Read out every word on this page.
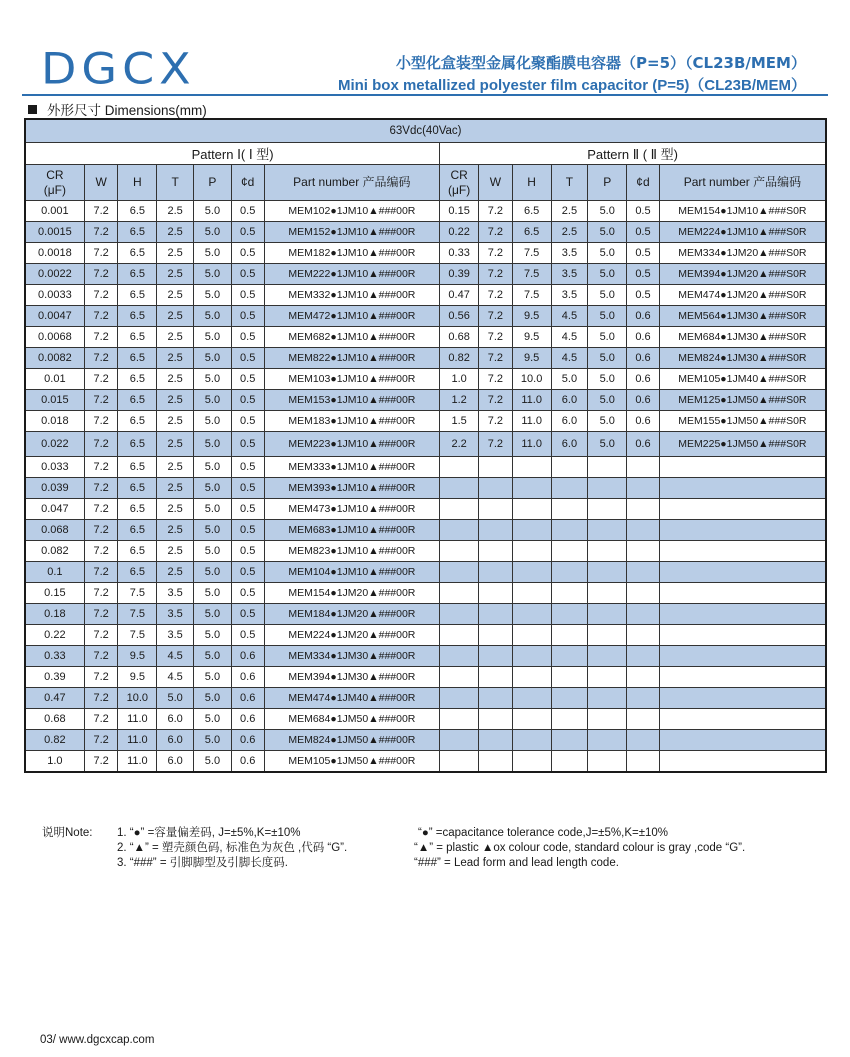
DGCX	小型化盒装型金属化聚酯膜电容器（P=5）（CL23B/MEM）
Mini box metallized polyester film capacitor (P=5)（CL23B/MEM）
外形尺寸 Dimensions(mm)
63Vdc(40Vac)													
Pattern Ⅰ( Ⅰ 型)							Pattern Ⅱ ( Ⅱ 型)						
CR
(μF)	W	H	T	P	¢d	Part number 产品编码	CR
(μF)	W	H	T	P	¢d	Part number 产品编码
0.001	7.2	6.5	2.5	5.0	0.5	MEM102●1JM10▲###00R	0.15	7.2	6.5	2.5	5.0	0.5	MEM154●1JM10▲###S0R
0.0015	7.2	6.5	2.5	5.0	0.5	MEM152●1JM10▲###00R	0.22	7.2	6.5	2.5	5.0	0.5	MEM224●1JM10▲###S0R
0.0018	7.2	6.5	2.5	5.0	0.5	MEM182●1JM10▲###00R	0.33	7.2	7.5	3.5	5.0	0.5	MEM334●1JM20▲###S0R
0.0022	7.2	6.5	2.5	5.0	0.5	MEM222●1JM10▲###00R	0.39	7.2	7.5	3.5	5.0	0.5	MEM394●1JM20▲###S0R
0.0033	7.2	6.5	2.5	5.0	0.5	MEM332●1JM10▲###00R	0.47	7.2	7.5	3.5	5.0	0.5	MEM474●1JM20▲###S0R
0.0047	7.2	6.5	2.5	5.0	0.5	MEM472●1JM10▲###00R	0.56	7.2	9.5	4.5	5.0	0.6	MEM564●1JM30▲###S0R
0.0068	7.2	6.5	2.5	5.0	0.5	MEM682●1JM10▲###00R	0.68	7.2	9.5	4.5	5.0	0.6	MEM684●1JM30▲###S0R
0.0082	7.2	6.5	2.5	5.0	0.5	MEM822●1JM10▲###00R	0.82	7.2	9.5	4.5	5.0	0.6	MEM824●1JM30▲###S0R
0.01	7.2	6.5	2.5	5.0	0.5	MEM103●1JM10▲###00R	1.0	7.2	10.0	5.0	5.0	0.6	MEM105●1JM40▲###S0R
0.015	7.2	6.5	2.5	5.0	0.5	MEM153●1JM10▲###00R	1.2	7.2	11.0	6.0	5.0	0.6	MEM125●1JM50▲###S0R
0.018	7.2	6.5	2.5	5.0	0.5	MEM183●1JM10▲###00R	1.5	7.2	11.0	6.0	5.0	0.6	MEM155●1JM50▲###S0R
0.022	7.2	6.5	2.5	5.0	0.5	MEM223●1JM10▲###00R	2.2	7.2	11.0	6.0	5.0	0.6	MEM225●1JM50▲###S0R
0.033	7.2	6.5	2.5	5.0	0.5	MEM333●1JM10▲###00R							
0.039	7.2	6.5	2.5	5.0	0.5	MEM393●1JM10▲###00R							
0.047	7.2	6.5	2.5	5.0	0.5	MEM473●1JM10▲###00R							
0.068	7.2	6.5	2.5	5.0	0.5	MEM683●1JM10▲###00R							
0.082	7.2	6.5	2.5	5.0	0.5	MEM823●1JM10▲###00R							
0.1	7.2	6.5	2.5	5.0	0.5	MEM104●1JM10▲###00R							
0.15	7.2	7.5	3.5	5.0	0.5	MEM154●1JM20▲###00R							
0.18	7.2	7.5	3.5	5.0	0.5	MEM184●1JM20▲###00R							
0.22	7.2	7.5	3.5	5.0	0.5	MEM224●1JM20▲###00R							
0.33	7.2	9.5	4.5	5.0	0.6	MEM334●1JM30▲###00R							
0.39	7.2	9.5	4.5	5.0	0.6	MEM394●1JM30▲###00R							
0.47	7.2	10.0	5.0	5.0	0.6	MEM474●1JM40▲###00R							
0.68	7.2	11.0	6.0	5.0	0.6	MEM684●1JM50▲###00R							
0.82	7.2	11.0	6.0	5.0	0.6	MEM824●1JM50▲###00R							
1.0	7.2	11.0	6.0	5.0	0.6	MEM105●1JM50▲###00R							
说明Note: 1. “●” =容量偏差码, J=±5%,K=±10%
2. “▲” = 塑壳颜色码, 标准色为灰色 ,代码 “G”.
3. “###” = 引脚脚型及引脚长度码.
“●” =capacitance tolerance code,J=±5%,K=±10%
“▲” = plastic ▲ox colour code, standard colour is gray ,code “G”.
“###” = Lead form and lead length code.
03/ www.dgcxcap.com
